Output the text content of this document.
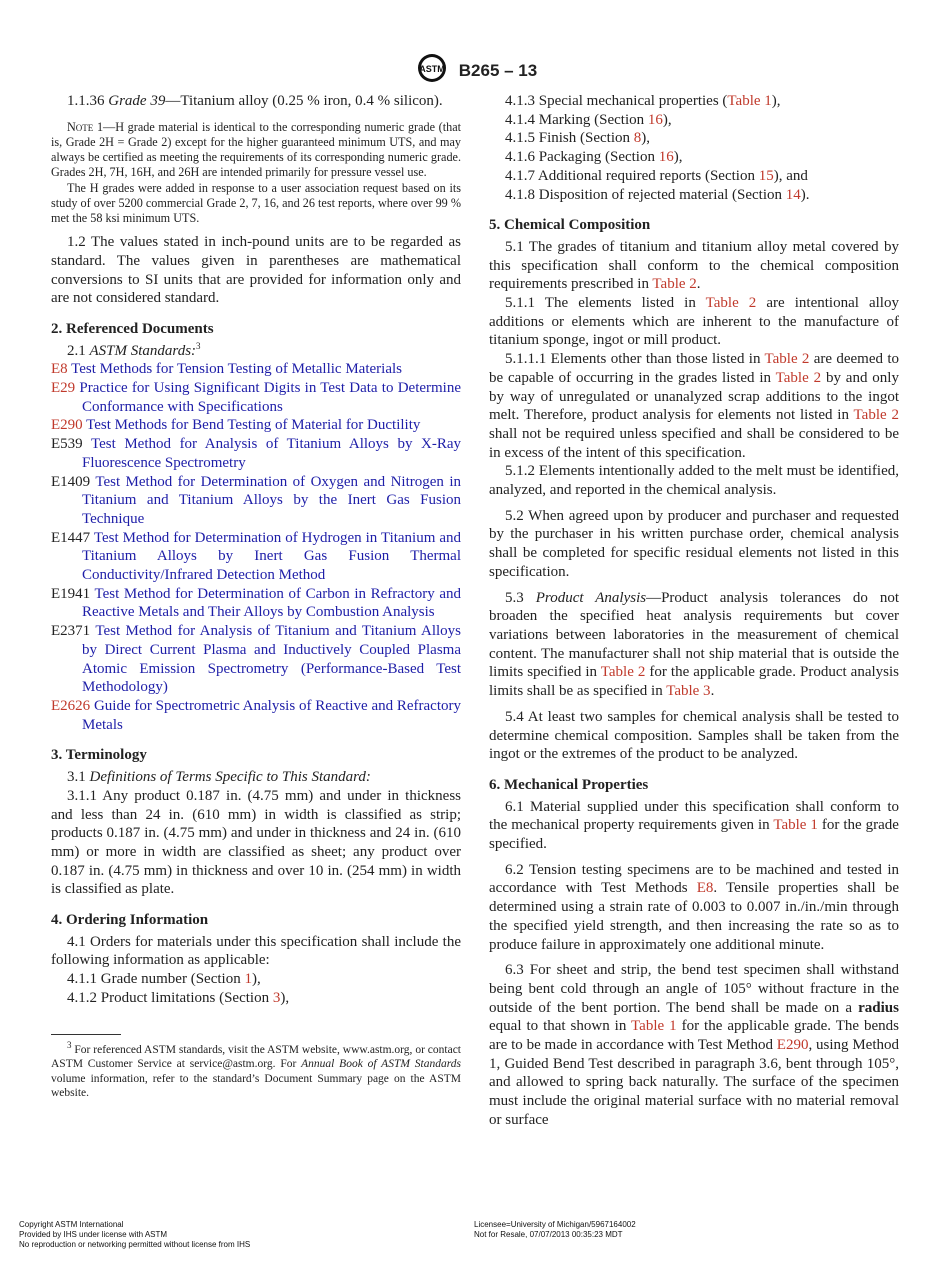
ASTM B265 – 13

1.1.36 Grade 39—Titanium alloy (0.25 % iron, 0.4 % silicon).

Note 1—H grade material is identical to the corresponding numeric grade (that is, Grade 2H = Grade 2) except for the higher guaranteed minimum UTS, and may always be certified as meeting the requirements of its corresponding numeric grade. Grades 2H, 7H, 16H, and 26H are intended primarily for pressure vessel use.

The H grades were added in response to a user association request based on its study of over 5200 commercial Grade 2, 7, 16, and 26 test reports, where over 99 % met the 58 ksi minimum UTS.

1.2 The values stated in inch-pound units are to be regarded as standard. The values given in parentheses are mathematical conversions to SI units that are provided for information only and are not considered standard.

2. Referenced Documents

2.1 ASTM Standards:$^3$

E8 Test Methods for Tension Testing of Metallic Materials

E29 Practice for Using Significant Digits in Test Data to Determine Conformance with Specifications

E290 Test Methods for Bend Testing of Material for Ductility

E539 Test Method for Analysis of Titanium Alloys by X-Ray Fluorescence Spectrometry

E1409 Test Method for Determination of Oxygen and Nitrogen in Titanium and Titanium Alloys by the Inert Gas Fusion Technique

E1447 Test Method for Determination of Hydrogen in Titanium and Titanium Alloys by Inert Gas Fusion Thermal Conductivity/Infrared Detection Method

E1941 Test Method for Determination of Carbon in Refractory and Reactive Metals and Their Alloys by Combustion Analysis

E2371 Test Method for Analysis of Titanium and Titanium Alloys by Direct Current Plasma and Inductively Coupled Plasma Atomic Emission Spectrometry (Performance-Based Test Methodology)

E2626 Guide for Spectrometric Analysis of Reactive and Refractory Metals

3. Terminology

3.1 Definitions of Terms Specific to This Standard:

3.1.1 Any product 0.187 in. (4.75 mm) and under in thickness and less than 24 in. (610 mm) in width is classified as strip; products 0.187 in. (4.75 mm) and under in thickness and 24 in. (610 mm) or more in width are classified as sheet; any product over 0.187 in. (4.75 mm) in thickness and over 10 in. (254 mm) in width is classified as plate.

4. Ordering Information

4.1 Orders for materials under this specification shall include the following information as applicable:

4.1.1 Grade number (Section 1),

4.1.2 Product limitations (Section 3),

$^3$ For referenced ASTM standards, visit the ASTM website, www.astm.org, or contact ASTM Customer Service at service@astm.org. For Annual Book of ASTM Standards volume information, refer to the standard’s Document Summary page on the ASTM website.

4.1.3 Special mechanical properties (Table 1),

4.1.4 Marking (Section 16),

4.1.5 Finish (Section 8),

4.1.6 Packaging (Section 16),

4.1.7 Additional required reports (Section 15), and

4.1.8 Disposition of rejected material (Section 14).

5. Chemical Composition

5.1 The grades of titanium and titanium alloy metal covered by this specification shall conform to the chemical composition requirements prescribed in Table 2.

5.1.1 The elements listed in Table 2 are intentional alloy additions or elements which are inherent to the manufacture of titanium sponge, ingot or mill product.

5.1.1.1 Elements other than those listed in Table 2 are deemed to be capable of occurring in the grades listed in Table 2 by and only by way of unregulated or unanalyzed scrap additions to the ingot melt. Therefore, product analysis for elements not listed in Table 2 shall not be required unless specified and shall be considered to be in excess of the intent of this specification.

5.1.2 Elements intentionally added to the melt must be identified, analyzed, and reported in the chemical analysis.

5.2 When agreed upon by producer and purchaser and requested by the purchaser in his written purchase order, chemical analysis shall be completed for specific residual elements not listed in this specification.

5.3 Product Analysis—Product analysis tolerances do not broaden the specified heat analysis requirements but cover variations between laboratories in the measurement of chemical content. The manufacturer shall not ship material that is outside the limits specified in Table 2 for the applicable grade. Product analysis limits shall be as specified in Table 3.

5.4 At least two samples for chemical analysis shall be tested to determine chemical composition. Samples shall be taken from the ingot or the extremes of the product to be analyzed.

6. Mechanical Properties

6.1 Material supplied under this specification shall conform to the mechanical property requirements given in Table 1 for the grade specified.

6.2 Tension testing specimens are to be machined and tested in accordance with Test Methods E8. Tensile properties shall be determined using a strain rate of 0.003 to 0.007 in./in./min through the specified yield strength, and then increasing the rate so as to produce failure in approximately one additional minute.

6.3 For sheet and strip, the bend test specimen shall withstand being bent cold through an angle of 105° without fracture in the outside of the bent portion. The bend shall be made on a radius equal to that shown in Table 1 for the applicable grade. The bends are to be made in accordance with Test Method E290, using Method 1, Guided Bend Test described in paragraph 3.6, bent through 105°, and allowed to spring back naturally. The surface of the specimen must include the original material surface with no material removal or surface

Copyright ASTM International
Provided by IHS under license with ASTM
No reproduction or networking permitted without license from IHS
Licensee=University of Michigan/5967164002
Not for Resale, 07/07/2013 00:35:23 MDT
